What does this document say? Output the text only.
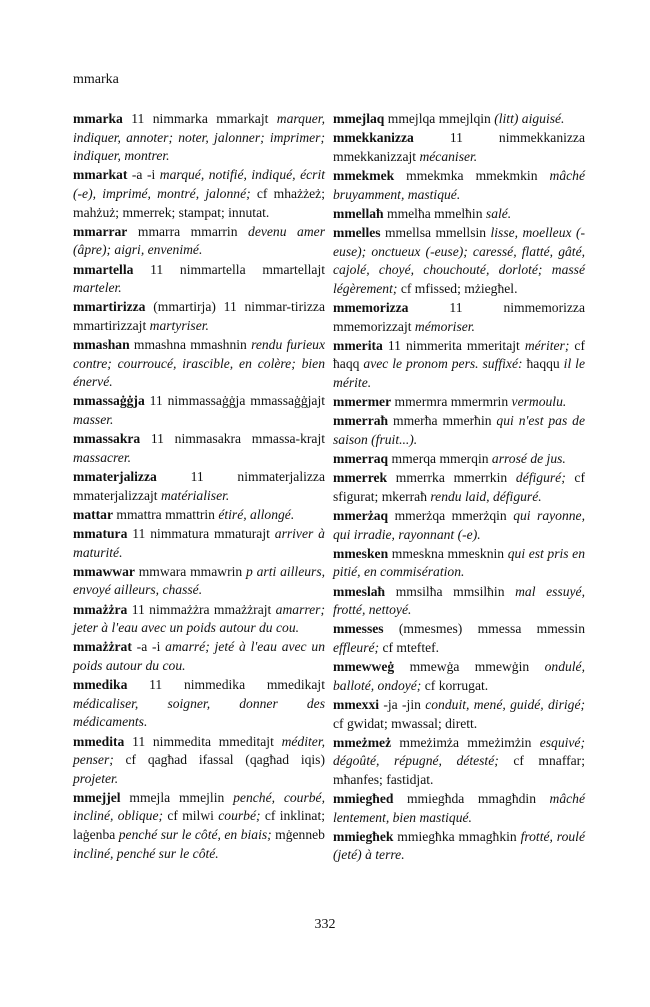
mmarka
mmarka 11 nimmarka mmarkajt marquer, indiquer, annoter; noter, jalonner; imprimer; indiquer, montrer.
mmarkat -a -i marqué, notifié, indiqué, écrit (-e), imprimé, montré, jalonné; cf mhażżeż; mahżuż; mmerrek; stampat; innutat.
mmarrar mmarra mmarrin devenu amer (âpre); aigri, envenimé.
mmartella 11 nimmartella mmartellajt marteler.
mmartirizza (mmartirja) 11 nimmar-tirizza mmartirizzajt martyriser.
mmashan mmashna mmashnin rendu furieux contre; courroucé, irascible, en colère; bien énervé.
mmassaġġja 11 nimmassaġġja mmassaġġjajt masser.
mmassakra 11 nimmasakra mmassa-krajt massacrer.
mmaterjalizza 11 nimmaterjalizza mmaterjalizzajt matérialiser.
mattar mmattra mmattrin étiré, allongé.
mmatura 11 nimmatura mmaturajt arriver à maturité.
mmawwar mmwara mmawrin p arti ailleurs, envoyé ailleurs, chassé.
mmażżra 11 nimmażżra mmażżrajt amarrer; jeter à l'eau avec un poids autour du cou.
mmażżrat -a -i amarré; jeté à l'eau avec un poids autour du cou.
mmedika 11 nimmedika mmedikajt médicaliser, soigner, donner des médicaments.
mmedita 11 nimmedita mmeditajt méditer, penser; cf qagħad ifassal (qagħad iqis) projeter.
mmejjel mmejla mmejlin penché, courbé, incliné, oblique; cf milwi courbé; cf inklinat; laġenba penché sur le côté, en biais; mġenneb incliné, penché sur le côté.
mmejlaq mmejlqa mmejlqin (litt) aiguisé.
mmekkanizza 11 nimmekkanizza mmekkanizzajt mécaniser.
mmekmek mmekmka mmekmkin mâché bruyamment, mastiqué.
mmellaħ mmelħa mmelħin salé.
mmelles mmellsa mmellsin lisse, moelleux (-euse); onctueux (-euse); caressé, flatté, gâté, cajolé, choyé, chouchouté, dorloté; massé légèrement; cf mfissed; mżiegħel.
mmemorizza 11 nimmemorizza mmemorizzajt mémoriser.
mmerita 11 nimmerita mmeritajt mériter; cf ħaqq avec le pronom pers. suffixé: ħaqqu il le mérite.
mmermer mmermra mmermrin vermoulu.
mmerraħ mmerħa mmerħin qui n'est pas de saison (fruit...).
mmerraq mmerqa mmerqin arrosé de jus.
mmerrek mmerrka mmerrkin défiguré; cf sfigurat; mkerraħ rendu laid, défiguré.
mmerżaq mmerżqa mmerżqin qui rayonne, qui irradie, rayonnant (-e).
mmesken mmeskna mmesknin qui est pris en pitié, en commisération.
mmeslaħ mmsilħa mmsilħin mal essuyé, frotté, nettoyé.
mmesses (mmesmes) mmessa mmessin effleuré; cf mteftef.
mmewweġ mmewġa mmewġin ondulé, balloté, ondoyé; cf korrugat.
mmexxi -ja -jin conduit, mené, guidé, dirigé; cf gwidat; mwassal; dirett.
mmeżmeż mmeżimża mmeżimżin esquivé; dégoûté, répugné, détesté; cf mnaffar; mħanfes; fastidjat.
mmiegħed mmiegħda mmagħdin mâché lentement, bien mastiqué.
mmiegħek mmiegħka mmagħkin frotté, roulé (jeté) à terre.
332
